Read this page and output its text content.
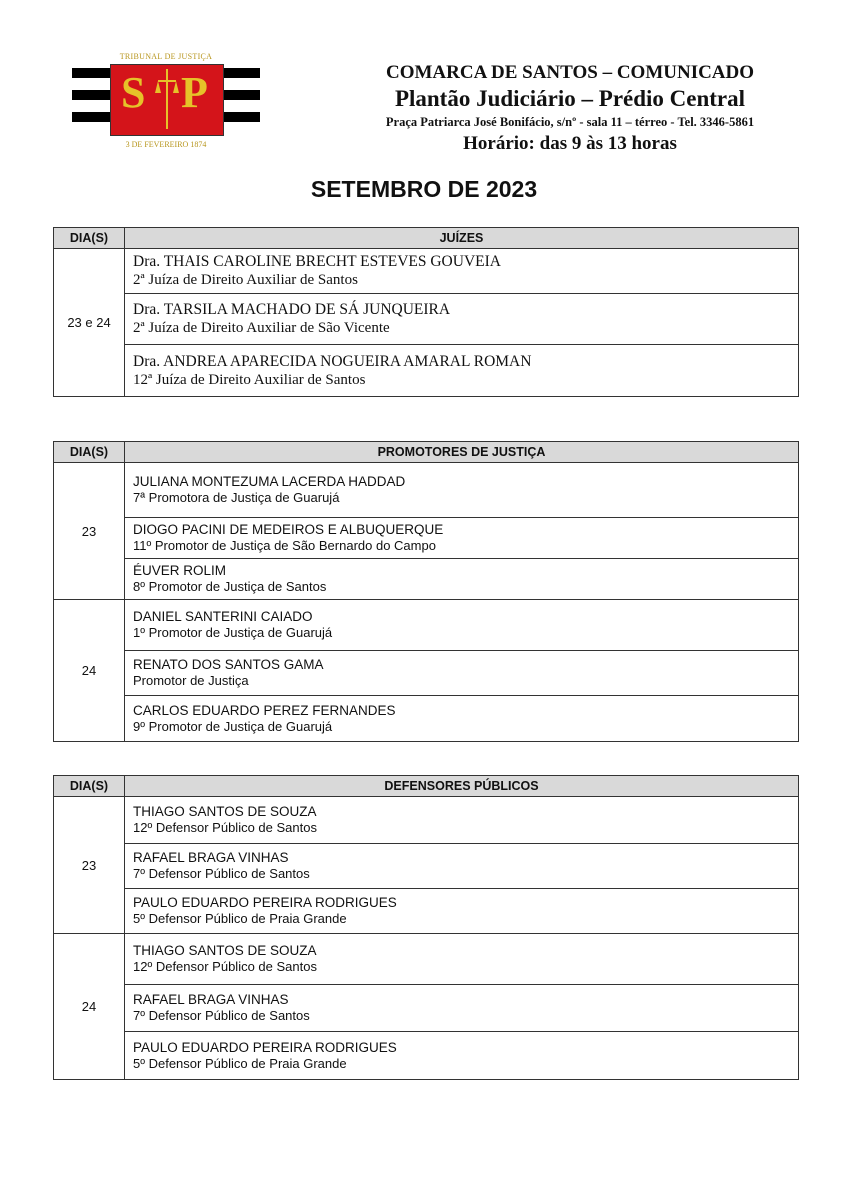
TRIBUNAL DE JUSTIÇA
S P
3 DE FEVEREIRO 1874
COMARCA DE SANTOS – COMUNICADO
Plantão Judiciário – Prédio Central
Praça Patriarca José Bonifácio, s/nº - sala 11 – térreo - Tel. 3346-5861
Horário: das 9 às 13 horas
SETEMBRO DE 2023
DIA(S)	JUÍZES
23 e 24	Dra. THAIS CAROLINE BRECHT ESTEVES GOUVEIA
2ª Juíza de Direito Auxiliar de Santos

	Dra. TARSILA MACHADO DE SÁ JUNQUEIRA
2ª Juíza de Direito Auxiliar de São Vicente

	Dra. ANDREA APARECIDA NOGUEIRA AMARAL ROMAN
12ª Juíza de Direito Auxiliar de Santos
DIA(S)	PROMOTORES DE JUSTIÇA
23	JULIANA MONTEZUMA LACERDA HADDAD
7ª Promotora de Justiça de Guarujá

	DIOGO PACINI DE MEDEIROS E ALBUQUERQUE
11º Promotor de Justiça de São Bernardo do Campo

	ÉUVER ROLIM
8º Promotor de Justiça de Santos

24	DANIEL SANTERINI CAIADO
1º Promotor de Justiça de Guarujá

	RENATO DOS SANTOS GAMA
Promotor de Justiça

	CARLOS EDUARDO PEREZ FERNANDES
9º Promotor de Justiça de Guarujá
DIA(S)	DEFENSORES PÚBLICOS
23	THIAGO SANTOS DE SOUZA
12º Defensor Público de Santos

	RAFAEL BRAGA VINHAS
7º Defensor Público de Santos

	PAULO EDUARDO PEREIRA RODRIGUES
5º Defensor Público de Praia Grande

24	THIAGO SANTOS DE SOUZA
12º Defensor Público de Santos

	RAFAEL BRAGA VINHAS
7º Defensor Público de Santos

	PAULO EDUARDO PEREIRA RODRIGUES
5º Defensor Público de Praia Grande
